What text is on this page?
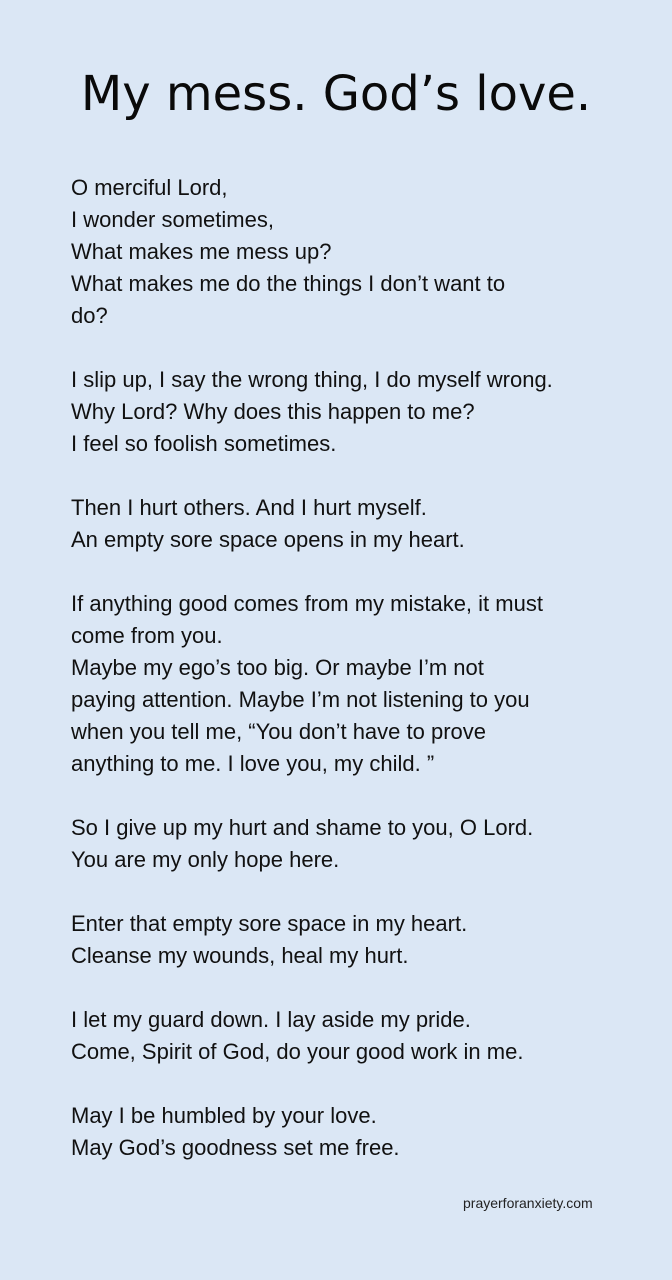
My mess. God’s love.
O merciful Lord,
I wonder sometimes,
What makes me mess up?
What makes me do the things I don’t want to
do?
I slip up, I say the wrong thing, I do myself wrong.
Why Lord? Why does this happen to me?
I feel so foolish sometimes.
Then I hurt others. And I hurt myself.
An empty sore space opens in my heart.
If anything good comes from my mistake, it must
come from you.
Maybe my ego’s too big. Or maybe I’m not
paying attention. Maybe I’m not listening to you
when you tell me, “You don’t have to prove
anything to me. I love you, my child. ”
So I give up my hurt and shame to you, O Lord.
You are my only hope here.
Enter that empty sore space in my heart.
Cleanse my wounds, heal my hurt.
I let my guard down. I lay aside my pride.
Come, Spirit of God, do your good work in me.
May I be humbled by your love.
May God’s goodness set me free.
prayerforanxiety.com
